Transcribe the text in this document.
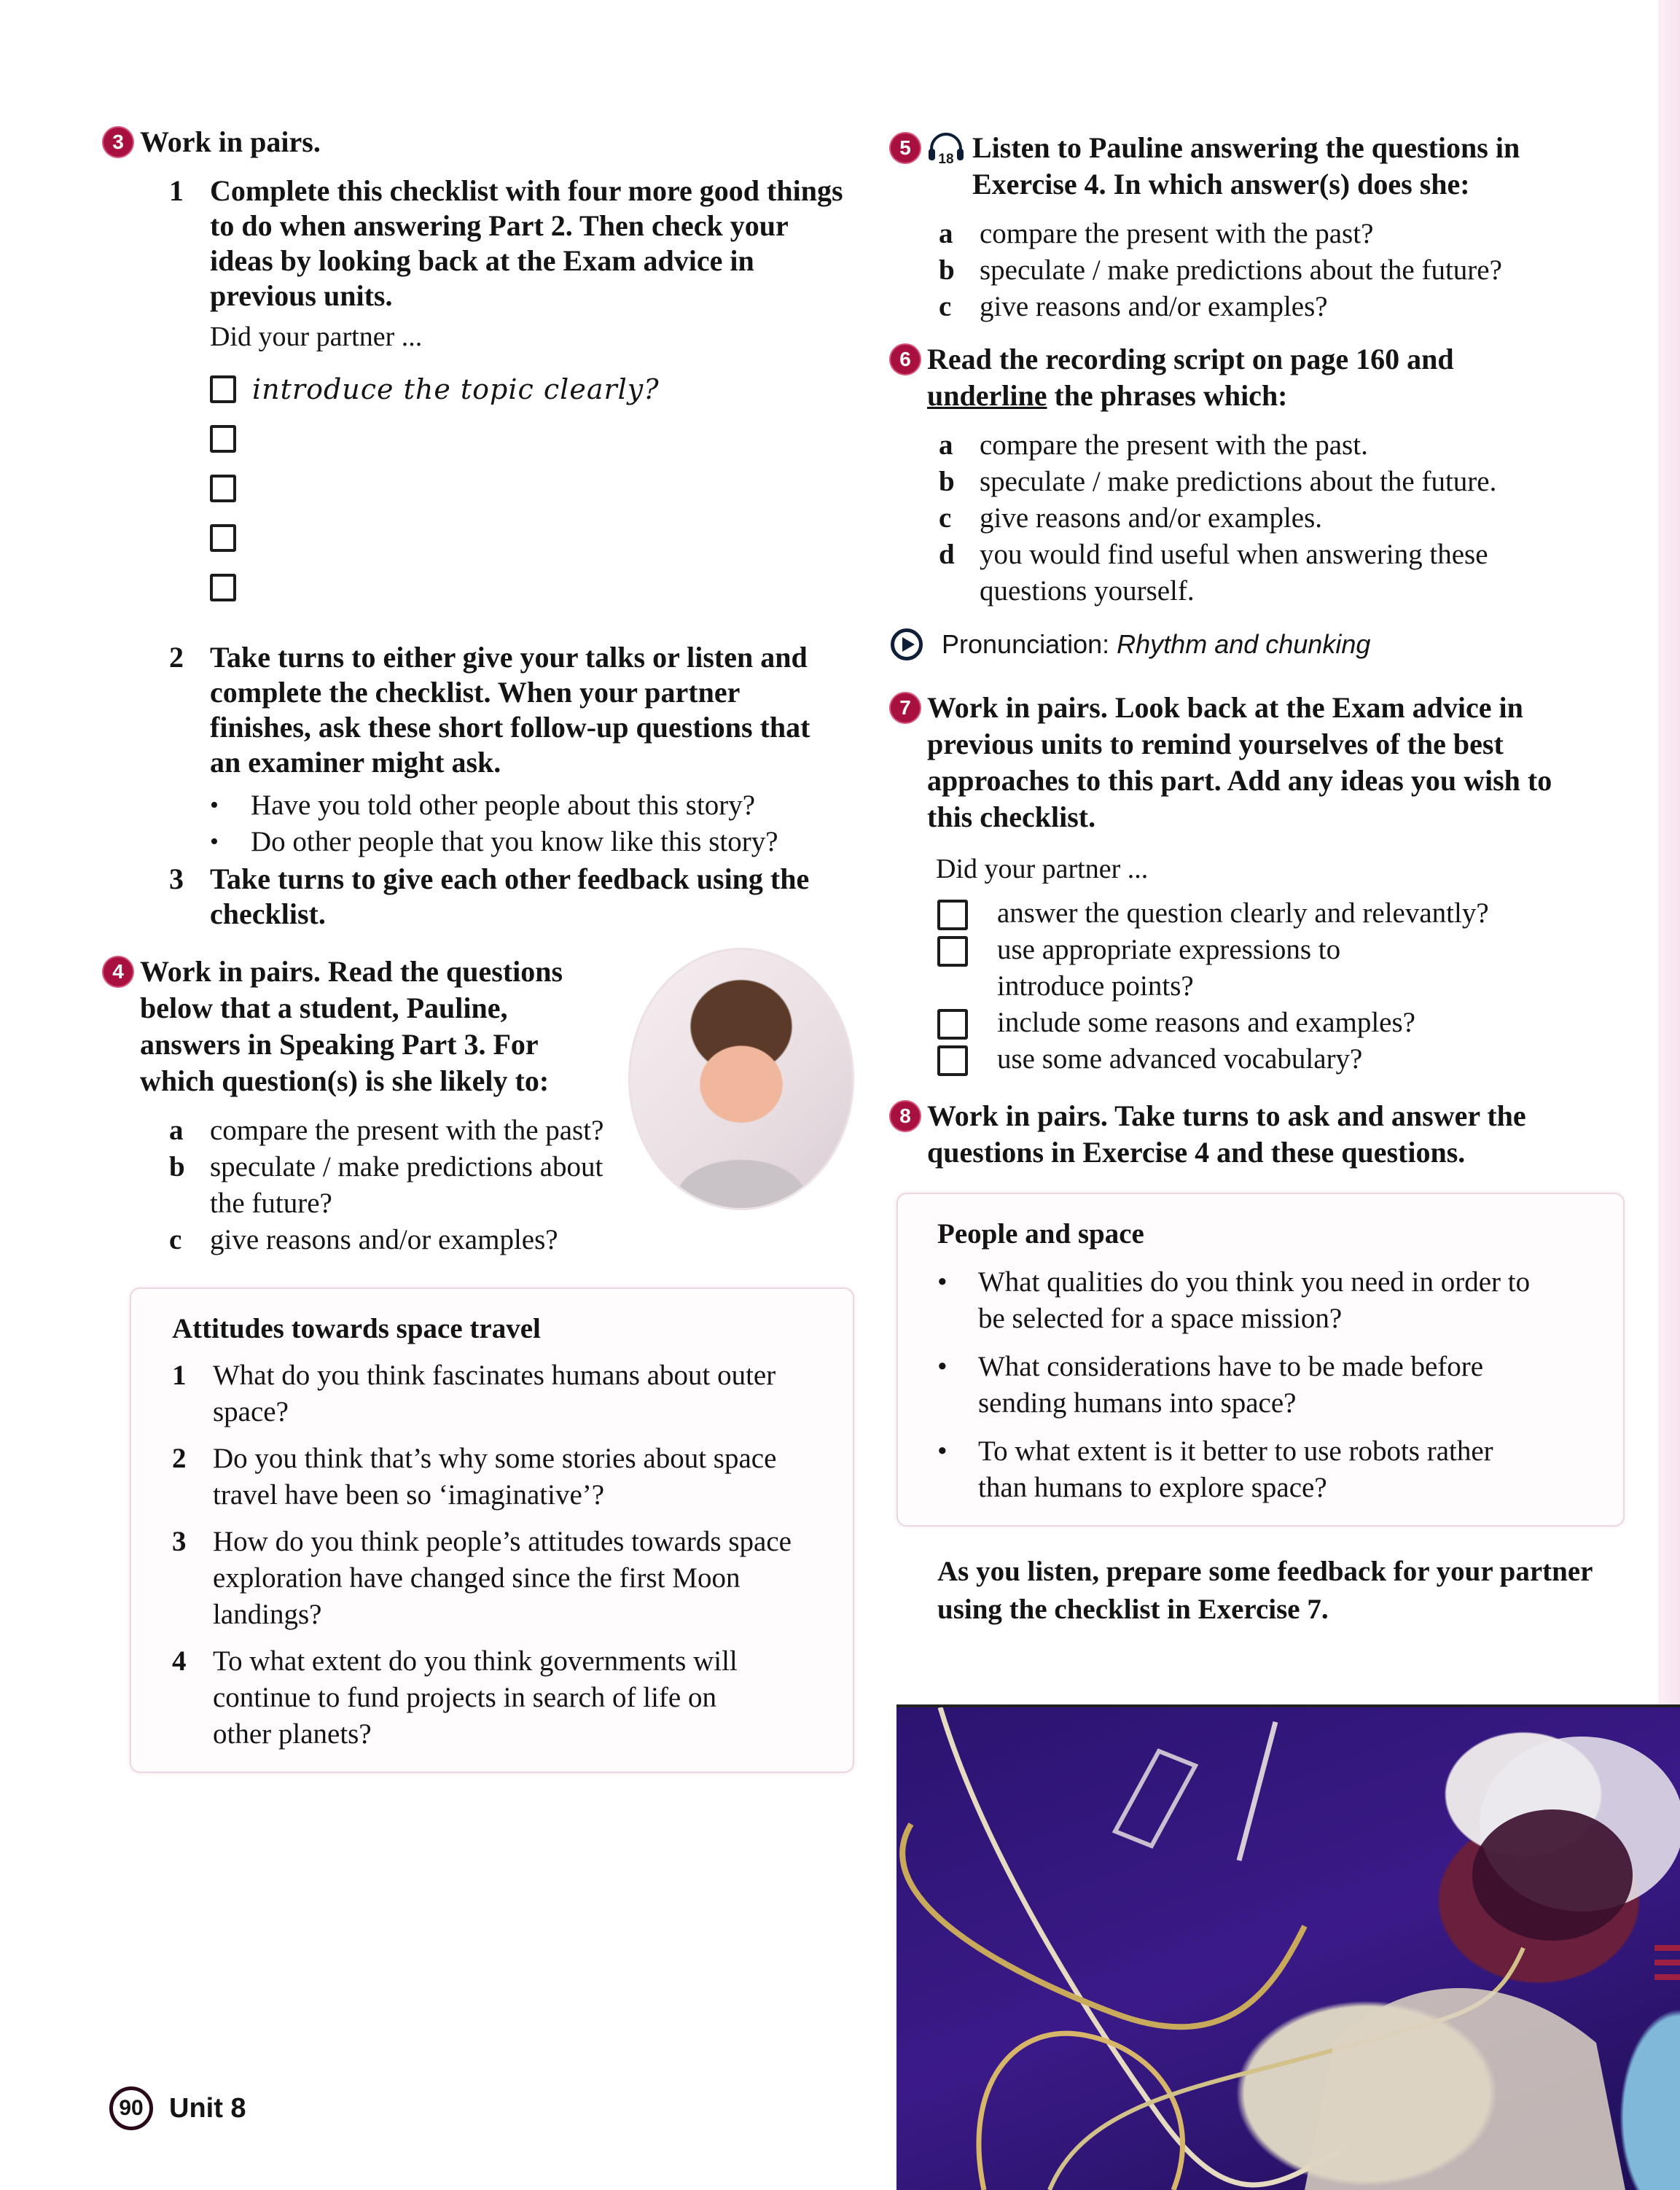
3 Work in pairs.
1 Complete this checklist with four more good things to do when answering Part 2. Then check your ideas by looking back at the Exam advice in previous units.
Did your partner ...
introduce the topic clearly?
2 Take turns to either give your talks or listen and complete the checklist. When your partner finishes, ask these short follow-up questions that an examiner might ask.
•	Have you told other people about this story?
•	Do other people that you know like this story?
3 Take turns to give each other feedback using the checklist.
4 Work in pairs. Read the questions below that a student, Pauline, answers in Speaking Part 3. For which question(s) is she likely to:
a compare the present with the past?
b speculate / make predictions about the future?
c give reasons and/or examples?
Attitudes towards space travel
1 What do you think fascinates humans about outer space?
2 Do you think that’s why some stories about space travel have been so ‘imaginative’?
3 How do you think people’s attitudes towards space exploration have changed since the first Moon landings?
4 To what extent do you think governments will continue to fund projects in search of life on other planets?
5
18 Listen to Pauline answering the questions in Exercise 4. In which answer(s) does she:
a compare the present with the past?
b speculate / make predictions about the future?
c give reasons and/or examples?
6 Read the recording script on page 160 and underline the phrases which:
a compare the present with the past.
b speculate / make predictions about the future.
c give reasons and/or examples.
d you would find useful when answering these questions yourself.
Pronunciation: Rhythm and chunking
7 Work in pairs. Look back at the Exam advice in previous units to remind yourselves of the best approaches to this part. Add any ideas you wish to this checklist.
Did your partner ...
answer the question clearly and relevantly?
use appropriate expressions to introduce points?
include some reasons and examples?
use some advanced vocabulary?
8 Work in pairs. Take turns to ask and answer the questions in Exercise 4 and these questions.
People and space
•	What qualities do you think you need in order to be selected for a space mission?
•	What considerations have to be made before sending humans into space?
•	To what extent is it better to use robots rather than humans to explore space?
As you listen, prepare some feedback for your partner using the checklist in Exercise 7.
90 Unit 8
